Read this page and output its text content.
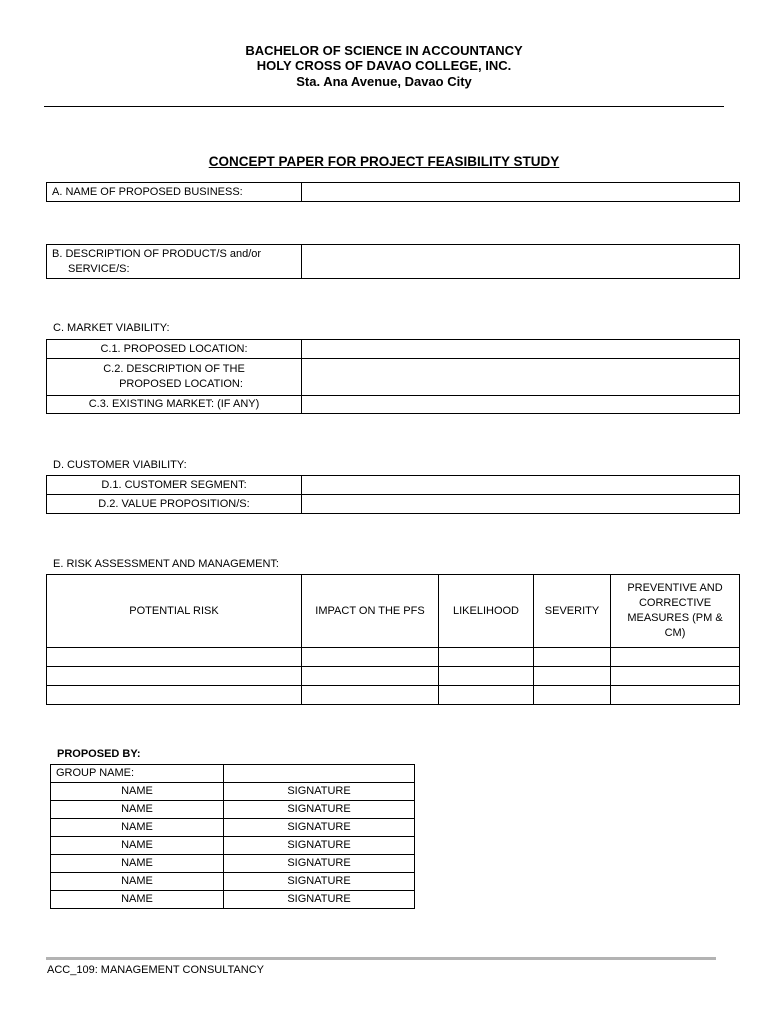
BACHELOR OF SCIENCE IN ACCOUNTANCY
HOLY CROSS OF DAVAO COLLEGE, INC.
Sta. Ana Avenue, Davao City
CONCEPT PAPER FOR PROJECT FEASIBILITY STUDY
A. NAME OF PROPOSED BUSINESS:	
B. DESCRIPTION OF PRODUCT/S and/or
SERVICE/S:

C. MARKET VIABILITY:
C.1. PROPOSED LOCATION:	

C.2. DESCRIPTION OF THE
PROPOSED LOCATION:	

C.3. EXISTING MARKET: (IF ANY)	
D. CUSTOMER VIABILITY:
D.1. CUSTOMER SEGMENT:	
D.2. VALUE PROPOSITION/S:	
E. RISK ASSESSMENT AND MANAGEMENT:
POTENTIAL RISK	IMPACT ON THE PFS	LIKELIHOOD	SEVERITY	PREVENTIVE AND
CORRECTIVE
MEASURES (PM &
CM)

PROPOSED BY:
GROUP NAME:	
NAME	SIGNATURE
NAME	SIGNATURE
NAME	SIGNATURE
NAME	SIGNATURE
NAME	SIGNATURE
NAME	SIGNATURE
NAME	SIGNATURE
ACC_109: MANAGEMENT CONSULTANCY
